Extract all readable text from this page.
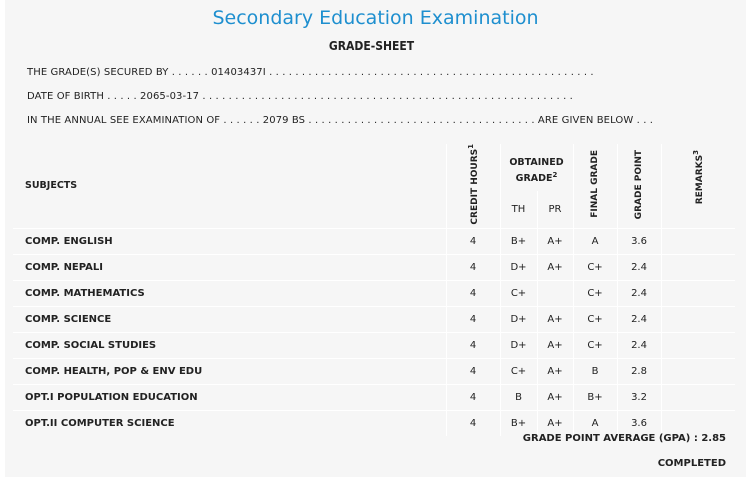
Secondary Education Examination
GRADE-SHEET
THE GRADE(S) SECURED BY . . . . . . 01403437I . . . . . . . . . . . . . . . . . . . . . . . . . . . . . . . . . . . . . . . . . . . . . . . . . .
DATE OF BIRTH . . . . . 2065-03-17 . . . . . . . . . . . . . . . . . . . . . . . . . . . . . . . . . . . . . . . . . . . . . . . . . . . . . . . . .
IN THE ANNUAL SEE EXAMINATION OF . . . . . . 2079 BS . . . . . . . . . . . . . . . . . . . . . . . . . . . . . . . . . . . ARE GIVEN BELOW . . .
SUBJECTS	CREDIT HOURS$^1$	OBTAINED GRADE$^2$		FINAL GRADE	GRADE POINT	REMARKS$^3$
		TH	PR			
COMP. ENGLISH	4	B+	A+	A	3.6	
COMP. NEPALI	4	D+	A+	C+	2.4	
COMP. MATHEMATICS	4	C+		C+	2.4	
COMP. SCIENCE	4	D+	A+	C+	2.4	
COMP. SOCIAL STUDIES	4	D+	A+	C+	2.4	
COMP. HEALTH, POP & ENV EDU	4	C+	A+	B	2.8	
OPT.I POPULATION EDUCATION	4	B	A+	B+	3.2	
OPT.II COMPUTER SCIENCE	4	B+	A+	A	3.6	
GRADE POINT AVERAGE (GPA) : 2.85
COMPLETED
